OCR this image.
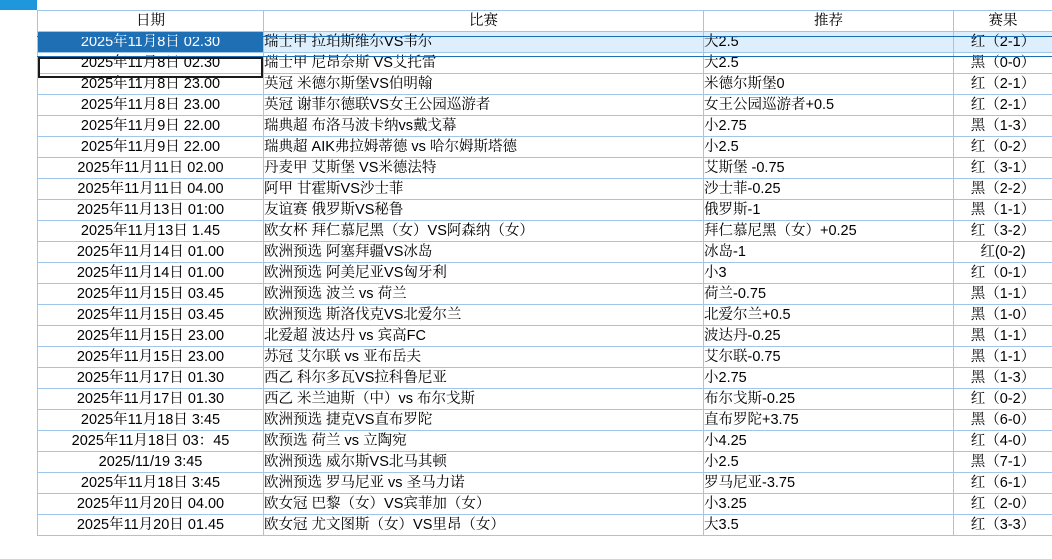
日期	比赛	推荐	赛果
2025年11月8日 02.30	瑞士甲 拉珀斯维尔VS韦尔	大2.5	红（2-1）
2025年11月8日 02.30	瑞士甲 尼昂奈斯 VS艾托雷	大2.5	黑（0-0）
2025年11月8日 23.00	英冠 米德尔斯堡VS伯明翰	米德尔斯堡0	红（2-1）
2025年11月8日 23.00	英冠 谢菲尔德联VS女王公园巡游者	女王公园巡游者+0.5	红（2-1）
2025年11月9日 22.00	瑞典超 布洛马波卡纳vs戴戈幕	小2.75	黑（1-3）
2025年11月9日 22.00	瑞典超 AIK弗拉姆蒂德 vs 哈尔姆斯塔德	小2.5	红（0-2）
2025年11月11日 02.00	丹麦甲 艾斯堡 VS米德法特	艾斯堡 -0.75	红（3-1）
2025年11月11日 04.00	阿甲 甘霍斯VS沙士菲	沙士菲-0.25	黑（2-2）
2025年11月13日 01:00	友谊赛 俄罗斯VS秘鲁	俄罗斯-1	黑（1-1）
2025年11月13日 1.45	欧女杯 拜仁慕尼黑（女）VS阿森纳（女）	拜仁慕尼黑（女）+0.25	红（3-2）
2025年11月14日 01.00	欧洲预选 阿塞拜疆VS冰岛	冰岛-1	红(0-2)
2025年11月14日 01.00	欧洲预选 阿美尼亚VS匈牙利	小3	红（0-1）
2025年11月15日 03.45	欧洲预选 波兰 vs 荷兰	荷兰-0.75	黑（1-1）
2025年11月15日 03.45	欧洲预选 斯洛伐克VS北爱尔兰	北爱尔兰+0.5	黑（1-0）
2025年11月15日 23.00	北爱超 波达丹 vs 宾高FC	波达丹-0.25	黑（1-1）
2025年11月15日 23.00	苏冠 艾尔联 vs 亚布岳夫	艾尔联-0.75	黑（1-1）
2025年11月17日 01.30	西乙 科尔多瓦VS拉科鲁尼亚	小2.75	黑（1-3）
2025年11月17日 01.30	西乙 米兰迪斯（中）vs 布尔戈斯	布尔戈斯-0.25	红（0-2）
2025年11月18日 3:45	欧洲预选 捷克VS直布罗陀	直布罗陀+3.75	黑（6-0）
2025年11月18日 03：45	欧预选 荷兰 vs 立陶宛	小4.25	红（4-0）
2025/11/19 3:45	欧洲预选 威尔斯VS北马其顿	小2.5	黑（7-1）
2025年11月18日 3:45	欧洲预选 罗马尼亚 vs 圣马力诺	罗马尼亚-3.75	红（6-1）
2025年11月20日 04.00	欧女冠 巴黎（女）VS宾菲加（女）	小3.25	红（2-0）
2025年11月20日 01.45	欧女冠 尤文图斯（女）VS里昂（女）	大3.5	红（3-3）
